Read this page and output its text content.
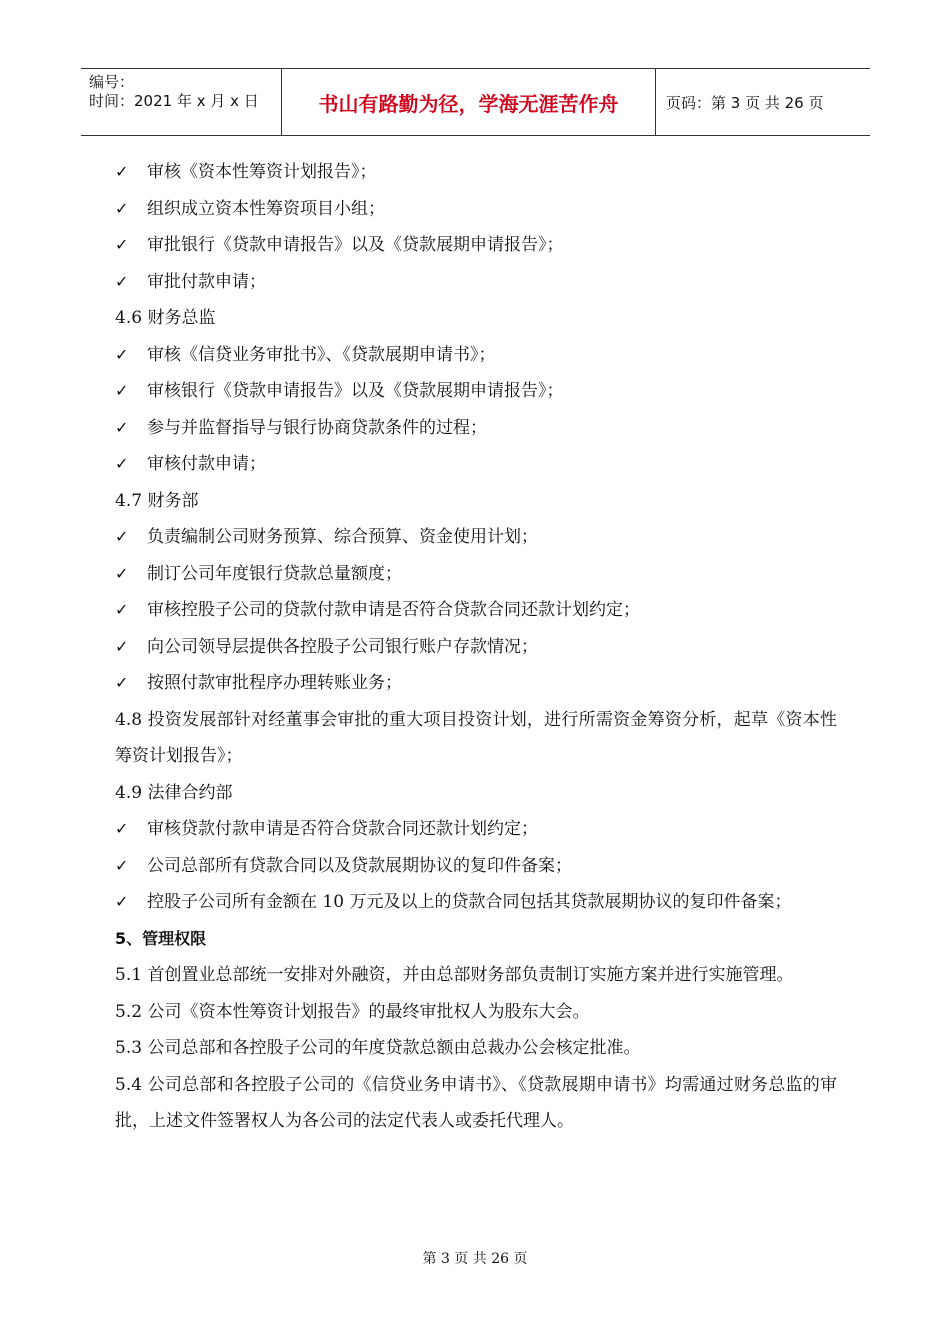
编号：
时间：2021 年 x 月 x 日	书山有路勤为径，学海无涯苦作舟	页码：第 3 页 共 26 页
✓	审核《资本性筹资计划报告》；
✓	组织成立资本性筹资项目小组；
✓	审批银行《贷款申请报告》以及《贷款展期申请报告》；
✓	审批付款申请；
4.6 财务总监
✓	审核《信贷业务审批书》、《贷款展期申请书》；
✓	审核银行《贷款申请报告》以及《贷款展期申请报告》；
✓	参与并监督指导与银行协商贷款条件的过程；
✓	审核付款申请；
4.7 财务部
✓	负责编制公司财务预算、综合预算、资金使用计划；
✓	制订公司年度银行贷款总量额度；
✓	审核控股子公司的贷款付款申请是否符合贷款合同还款计划约定；
✓	向公司领导层提供各控股子公司银行账户存款情况；
✓	按照付款审批程序办理转账业务；
4.8 投资发展部针对经董事会审批的重大项目投资计划，进行所需资金筹资分析，起草《资本性筹资计划报告》；
4.9 法律合约部
✓	审核贷款付款申请是否符合贷款合同还款计划约定；
✓	公司总部所有贷款合同以及贷款展期协议的复印件备案；
✓	控股子公司所有金额在 10 万元及以上的贷款合同包括其贷款展期协议的复印件备案；
5、管理权限
5.1 首创置业总部统一安排对外融资，并由总部财务部负责制订实施方案并进行实施管理。
5.2 公司《资本性筹资计划报告》的最终审批权人为股东大会。
5.3 公司总部和各控股子公司的年度贷款总额由总裁办公会核定批准。
5.4 公司总部和各控股子公司的《信贷业务申请书》、《贷款展期申请书》均需通过财务总监的审批，上述文件签署权人为各公司的法定代表人或委托代理人。
第 3 页 共 26 页
